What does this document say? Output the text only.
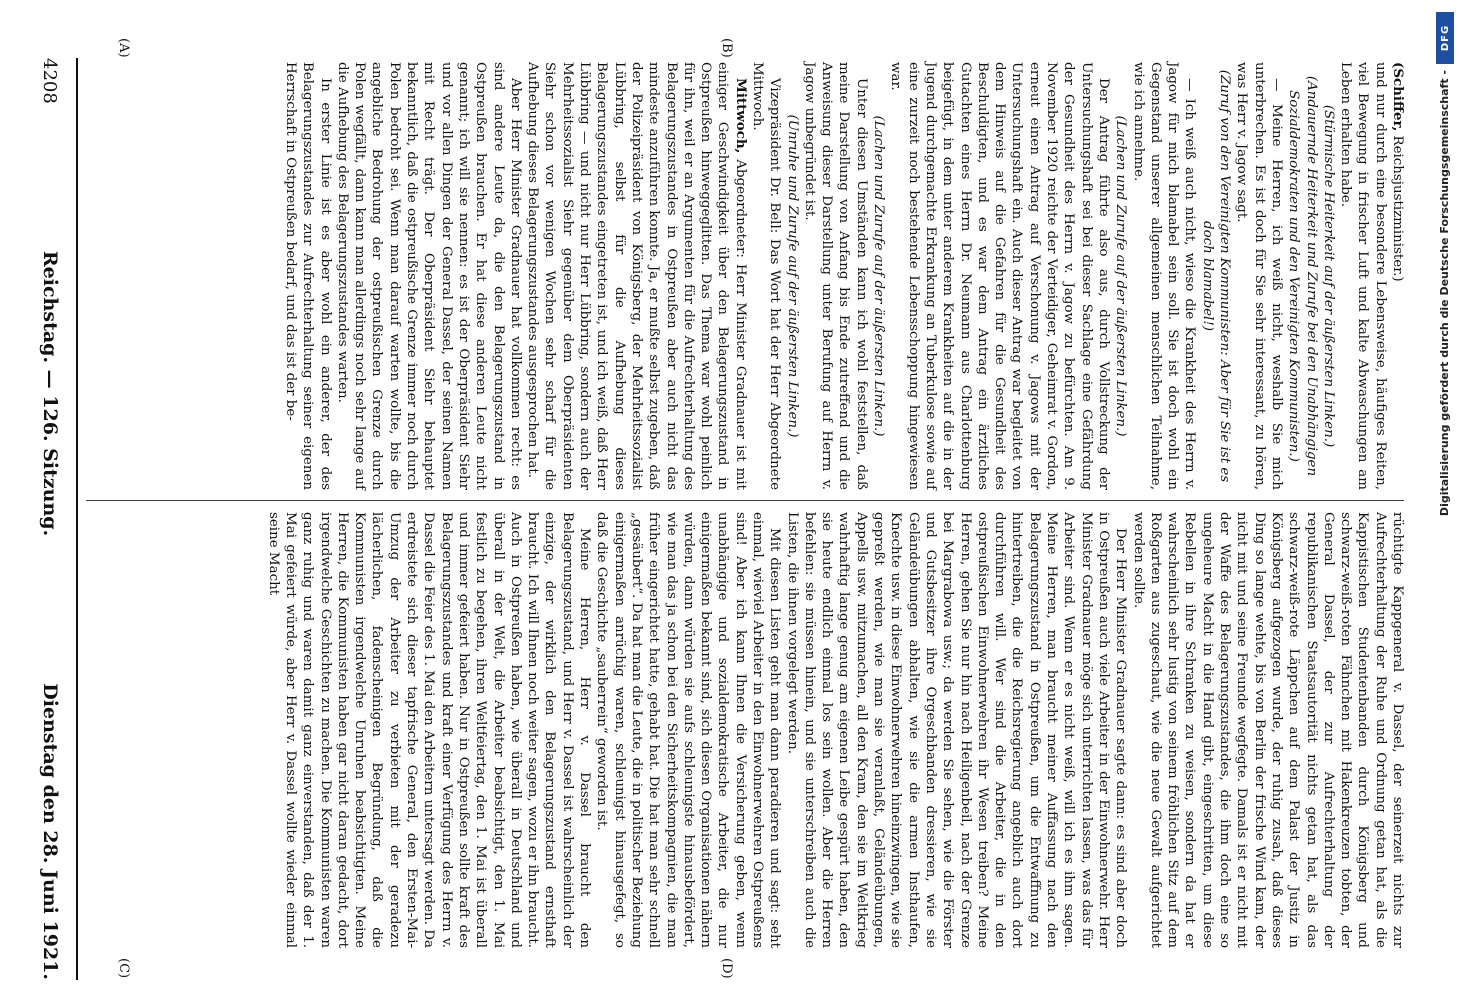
(A)	(B)
(C)	(D)

(Schiffer, Reichsjustizminister.)

und nur durch eine besondere Lebensweise, häufiges Reiten, viel Bewegung in frischer Luft und kalte Abwaschungen am Leben erhalten habe.

(Stürmische Heiterkeit auf der äußersten Linken.)

(Andauernde Heiterkeit und Zurufe bei den Unabhängigen Sozialdemokraten und den Vereinigten Kommunisten.)

— Meine Herren, ich weiß nicht, weshalb Sie mich unterbrechen. Es ist doch für Sie sehr interessant, zu hören, was Herr v. Jagow sagt.

(Zuruf von den Vereinigten Kommunisten: Aber für Sie ist es doch blamabel!)

— Ich weiß auch nicht, wieso die Krankheit des Herrn v. Jagow für mich blamabel sein soll. Sie ist doch wohl ein Gegenstand unserer allgemeinen menschlichen Teilnahme, wie ich annehme.

(Lachen und Zurufe auf der äußersten Linken.)

Der Antrag führte also aus, durch Vollstreckung der Untersuchungshaft sei bei dieser Sachlage eine Gefährdung der Gesundheit des Herrn v. Jagow zu befürchten. Am 9. November 1920 reichte der Verteidiger, Geheimrat v. Gordon, erneut einen Antrag auf Verschonung v. Jagows mit der Untersuchungshaft ein. Auch dieser Antrag war begleitet von dem Hinweis auf die Gefahren für die Gesundheit des Beschuldigten, und es war dem Antrag ein ärztliches Gutachten eines Herrn Dr. Neumann aus Charlottenburg beigefügt, in dem unter anderem Krankheiten auf die in der Jugend durchgemachte Erkrankung an Tuberkulose sowie auf eine zurzeit noch bestehende Lebensschoppung hingewiesen war.

(Lachen und Zurufe auf der äußersten Linken.)

Unter diesen Umständen kann ich wohl feststellen, daß meine Darstellung von Anfang bis Ende zutreffend und die Anweisung dieser Darstellung unter Berufung auf Herrn v. Jagow unbegründet ist.

(Unruhe und Zurufe auf der äußersten Linken.)

Vizepräsident Dr. Bell: Das Wort hat der Herr Abgeordnete Mittwoch.

Mittwoch, Abgeordneter: Herr Minister Gradnauer ist mit einiger Geschwindigkeit über den Belagerungszustand in Ostpreußen hinweggeglitten. Das Thema war wohl peinlich für ihn, weil er an Argumenten für die Aufrechterhaltung des Belagerungszustandes in Ostpreußen aber auch nicht das mindeste anzuführen konnte. Ja, er mußte selbst zugeben, daß der Polizeipräsident von Königsberg, der Mehrheitssozialist Lübbring, selbst für die Aufhebung dieses Belagerungszustandes eingetreten ist, und ich weiß, daß Herr Lübbring — und nicht nur Herr Lübbring, sondern auch der Mehrheitssozialist Siehr gegenüber dem Oberpräsidenten Siehr schon vor wenigen Wochen sehr scharf für die Aufhebung dieses Belagerungszustandes ausgesprochen hat.

Aber Herr Minister Gradnauer hat vollkommen recht: es sind andere Leute da, die den Belagerungszustand in Ostpreußen brauchen. Er hat diese anderen Leute nicht genannt; ich will sie nennen: es ist der Oberpräsident Siehr und vor allen Dingen der General Dassel, der seinen Namen mit Recht trägt. Der Oberpräsident Siehr behauptet bekanntlich, daß die ostpreußische Grenze immer noch durch Polen bedroht sei. Wenn man darauf warten wollte, bis die angebliche Bedrohung der ostpreußischen Grenze durch Polen wegfällt, dann kann man allerdings noch sehr lange auf die Aufhebung des Belagerungszustandes warten.

In erster Linie ist es aber wohl ein anderer, der des Belagerungszustandes zur Aufrechterhaltung seiner eigenen Herrschaft in Ostpreußen bedarf, und das ist der be-

rüchtigte Kappgeneral v. Dassel, der seinerzeit nichts zur Aufrechterhaltung der Ruhe und Ordnung getan hat, als die Kappistischen Studentenbanden durch Königsberg und schwarz-weiß-roten Fähnchen mit Hakenkreuzen tobten, der General Dassel, der zur Aufrechterhaltung der republikanischen Staatsautorität nichts getan hat, als das schwarz-weiß-rote Läppchen auf dem Palast der Justiz in Königsberg aufgezogen wurde, der ruhig zusah, daß dieses Ding so lange wehte, bis von Berlin der frische Wind kam, der nicht mit und seine Freunde wegfegte. Damals ist er nicht mit der Waffe des Belagerungszustandes, die ihm doch eine so ungeheure Macht in die Hand gibt, eingeschritten, um diese Rebellen in ihre Schranken zu weisen, sondern da hat er wahrscheinlich sehr lustig von seinem fröhlichen Sitz auf dem Roßgarten aus zugeschaut, wie die neue Gewalt aufgerichtet werden sollte.

Der Herr Minister Gradnauer sagte dann: es sind aber doch in Ostpreußen auch viele Arbeiter in der Einwohnerwehr. Herr Minister Gradnauer möge sich unterrichten lassen, was das für Arbeiter sind. Wenn er es nicht weiß, will ich es ihm sagen. Meine Herren, man braucht meiner Auffassung nach den Belagerungszustand in Ostpreußen, um die Entwaffnung zu hintertreiben, die die Reichsregierung angeblich auch dort durchführen will. Wer sind die Arbeiter, die in den ostpreußischen Einwohnerwehren ihr Wesen treiben? Meine Herren, gehen Sie nur hin nach Heiligenbeil, nach der Grenze bei Margrabowa usw.; da werden Sie sehen, wie die Förster und Gutsbesitzer ihre Orgeschbanden dressieren, wie sie Geländeübungen abhalten, wie sie die armen Insthaufen, Knechte usw. in diese Einwohnerwehren hineinzwingen, wie sie gepreßt werden, wie man sie veranlaßt, Geländeübungen, Appells usw. mitzumachen, all den Kram, den sie im Weltkrieg wahrhaftig lange genug am eigenen Leibe gespürt haben, den sie heute endlich einmal los sein wollen. Aber die Herren befehlen: sie müssen hinein, und sie unterschreiben auch die Listen, die ihnen vorgelegt werden.

Mit diesen Listen geht man dann paradieren und sagt: seht einmal, wieviel Arbeiter in den Einwohnerwehren Ostpreußens sind! Aber ich kann Ihnen die Versicherung geben, wenn unabhängige und sozialdemokratische Arbeiter, die nur einigermaßen bekannt sind, sich diesen Organisationen nähern würden, dann würden sie aufs schleunigste hinausbefördert, wie man das ja schon bei den Sicherheitskompagnien, die man früher eingerichtet hatte, gehabt hat. Die hat man sehr schnell „gesäubert“. Da hat man die Leute, die in politischer Beziehung einigermaßen anrüchig waren, schleunigst hinausgefegt, so daß die Geschichte „sauberrein“ geworden ist.

Meine Herren, Herr v. Dassel braucht den Belagerungszustand, und Herr v. Dassel ist wahrscheinlich der einzige, der wirklich den Belagerungszustand ernsthaft braucht. Ich will Ihnen noch weiter sagen, wozu er ihn braucht. Auch in Ostpreußen haben, wie überall in Deutschland und überall in der Welt, die Arbeiter beabsichtigt, den 1. Mai festlich zu begehen, ihren Weltfeiertag, den 1. Mai ist überall und immer gefeiert haben. Nur in Ostpreußen sollte kraft des Belagerungszustandes und kraft einer Verfügung des Herrn v. Dassel die Feier des 1. Mai den Arbeitern untersagt werden. Da erdreistete sich dieser tapfrische General, den Ersten-Mai-Umzug der Arbeiter zu verbieten mit der geradezu lächerlichen, fadenscheinigen Begründung, daß die Kommunisten irgendwelche Unruhen beabsichtigten. Meine Herren, die Kommunisten haben gar nicht daran gedacht, dort irgendwelche Geschichten zu machen. Die Kommunisten waren ganz ruhig und waren damit ganz einverstanden, daß der 1. Mai gefeiert würde, aber Herr v. Dassel wollte wieder einmal seine Macht

4208
Reichstag. — 126. Sitzung.
Dienstag den 28. Juni 1921.
Digitalisierung gefördert durch die Deutsche Forschungsgemeinschaft -
DFG
